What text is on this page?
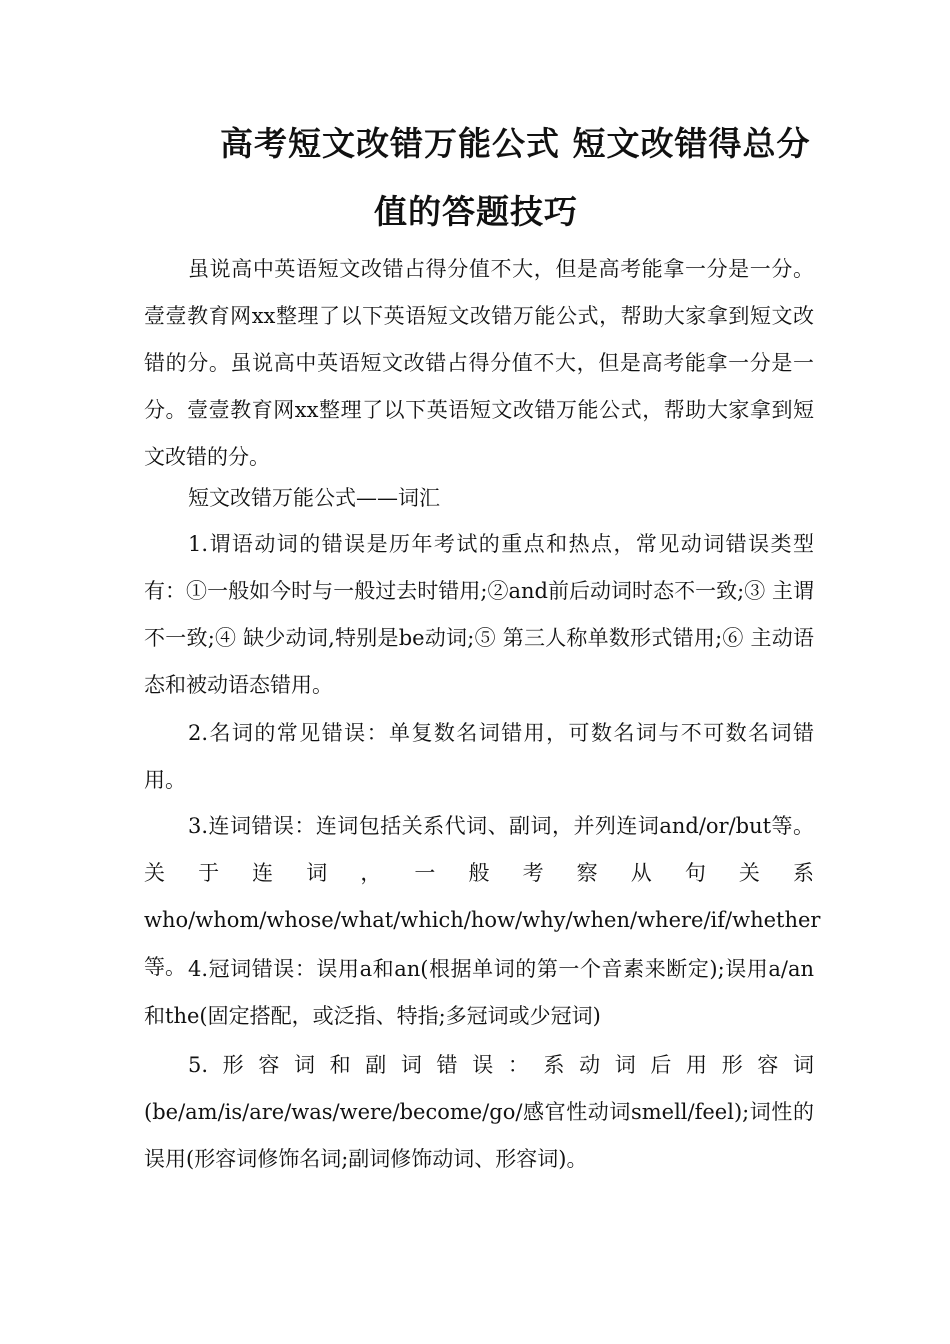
高考短文改错万能公式 短文改错得总分
值的答题技巧

虽说高中英语短文改错占得分值不大，但是高考能拿一分是一分。壹壹教育网xx整理了以下英语短文改错万能公式，帮助大家拿到短文改错的分。虽说高中英语短文改错占得分值不大，但是高考能拿一分是一分。壹壹教育网xx整理了以下英语短文改错万能公式，帮助大家拿到短文改错的分。

短文改错万能公式——词汇

1.谓语动词的错误是历年考试的重点和热点，常见动词错误类型有：①一般如今时与一般过去时错用;②and前后动词时态不一致;③ 主谓不一致;④ 缺少动词,特别是be动词;⑤ 第三人称单数形式错用;⑥ 主动语态和被动语态错用。

2.名词的常见错误：单复数名词错用，可数名词与不可数名词错用。

3.连词错误：连词包括关系代词、副词，并列连词and/or/but等。关于连词，一般考察从句关系who/whom/whose/what/which/how/why/when/where/if/whether等。 4.冠词错误：误用a和an(根据单词的第一个音素来断定);误用a/an和the(固定搭配，或泛指、特指;多冠词或少冠词)

5.形容词和副词错误：系动词后用形容词(be/am/is/are/was/were/become/go/感官性动词smell/feel);词性的误用(形容词修饰名词;副词修饰动词、形容词)。
